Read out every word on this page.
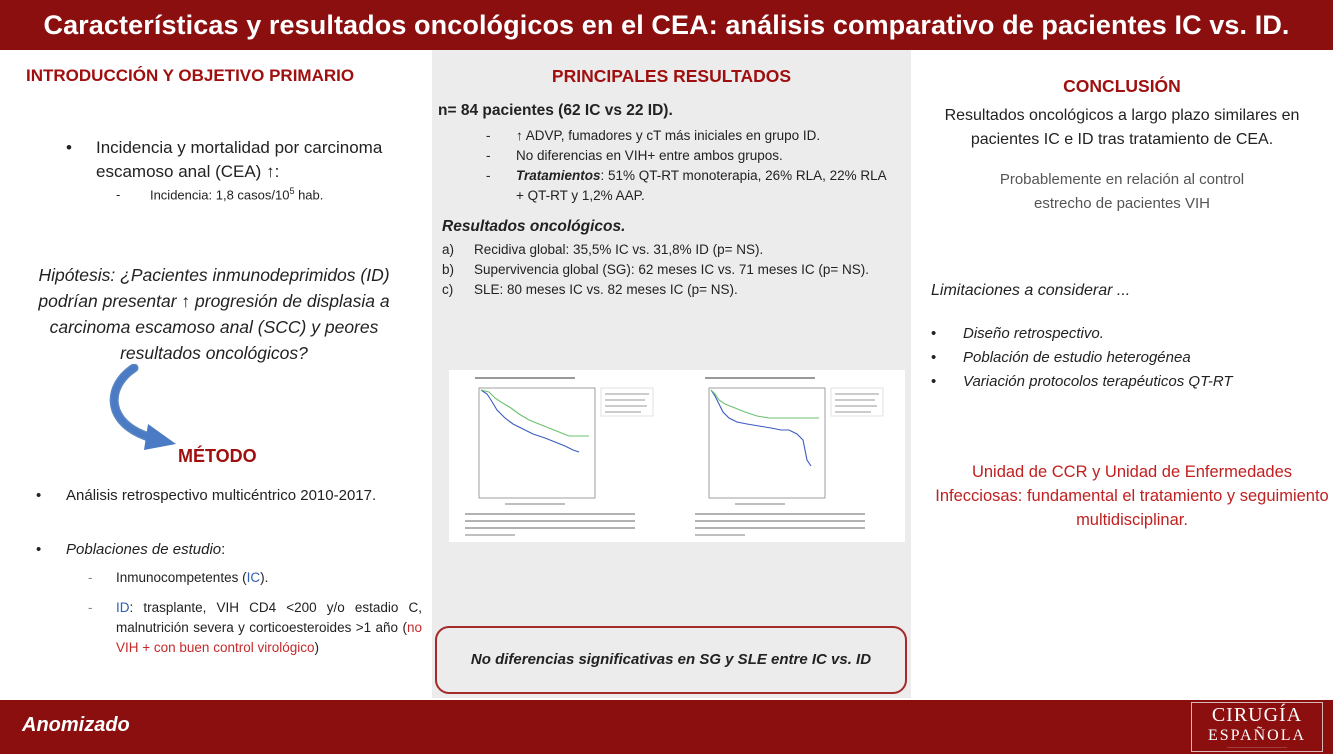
Características y resultados oncológicos en el CEA: análisis comparativo de pacientes IC vs. ID.
INTRODUCCIÓN Y OBJETIVO PRIMARIO
•	Incidencia y mortalidad por carcinoma escamoso anal (CEA) ↑:
- Incidencia: 1,8 casos/$10^5$ hab.
Hipótesis: ¿Pacientes inmunodeprimidos (ID) podrían presentar ↑ progresión de displasia a carcinoma escamoso anal (SCC) y peores resultados oncológicos?
MÉTODO
•	Análisis retrospectivo multicéntrico 2010-2017.
•	Poblaciones de estudio:
- Inmunocompetentes (IC).
- ID: trasplante, VIH CD4 <200 y/o estadio C, malnutrición severa y corticoesteroides >1 año (no VIH + con buen control virológico)
PRINCIPALES RESULTADOS
n= 84 pacientes (62 IC vs 22 ID).
- ↑ ADVP, fumadores y cT más iniciales en grupo ID.
- No diferencias en VIH+ entre ambos grupos.
- Tratamientos: 51% QT-RT monoterapia, 26% RLA, 22% RLA + QT-RT y 1,2% AAP.
Resultados oncológicos.
a) Recidiva global: 35,5% IC vs. 31,8% ID (p= NS).
b) Supervivencia global (SG): 62 meses IC vs. 71 meses IC (p= NS).
c) SLE: 80 meses IC vs. 82 meses IC (p= NS).
No diferencias significativas en SG y SLE entre IC vs. ID
CONCLUSIÓN
Resultados oncológicos a largo plazo similares en pacientes IC e ID tras tratamiento de CEA.
Probablemente en relación al control estrecho de pacientes VIH
Limitaciones a considerar ...
•	Diseño retrospectivo.
•	Población de estudio heterogénea
•	Variación protocolos terapéuticos QT-RT
Unidad de CCR y Unidad de Enfermedades Infecciosas: fundamental el tratamiento y seguimiento multidisciplinar.
Anomizado	CIRUGÍA
ESPAÑOLA
———————————————
